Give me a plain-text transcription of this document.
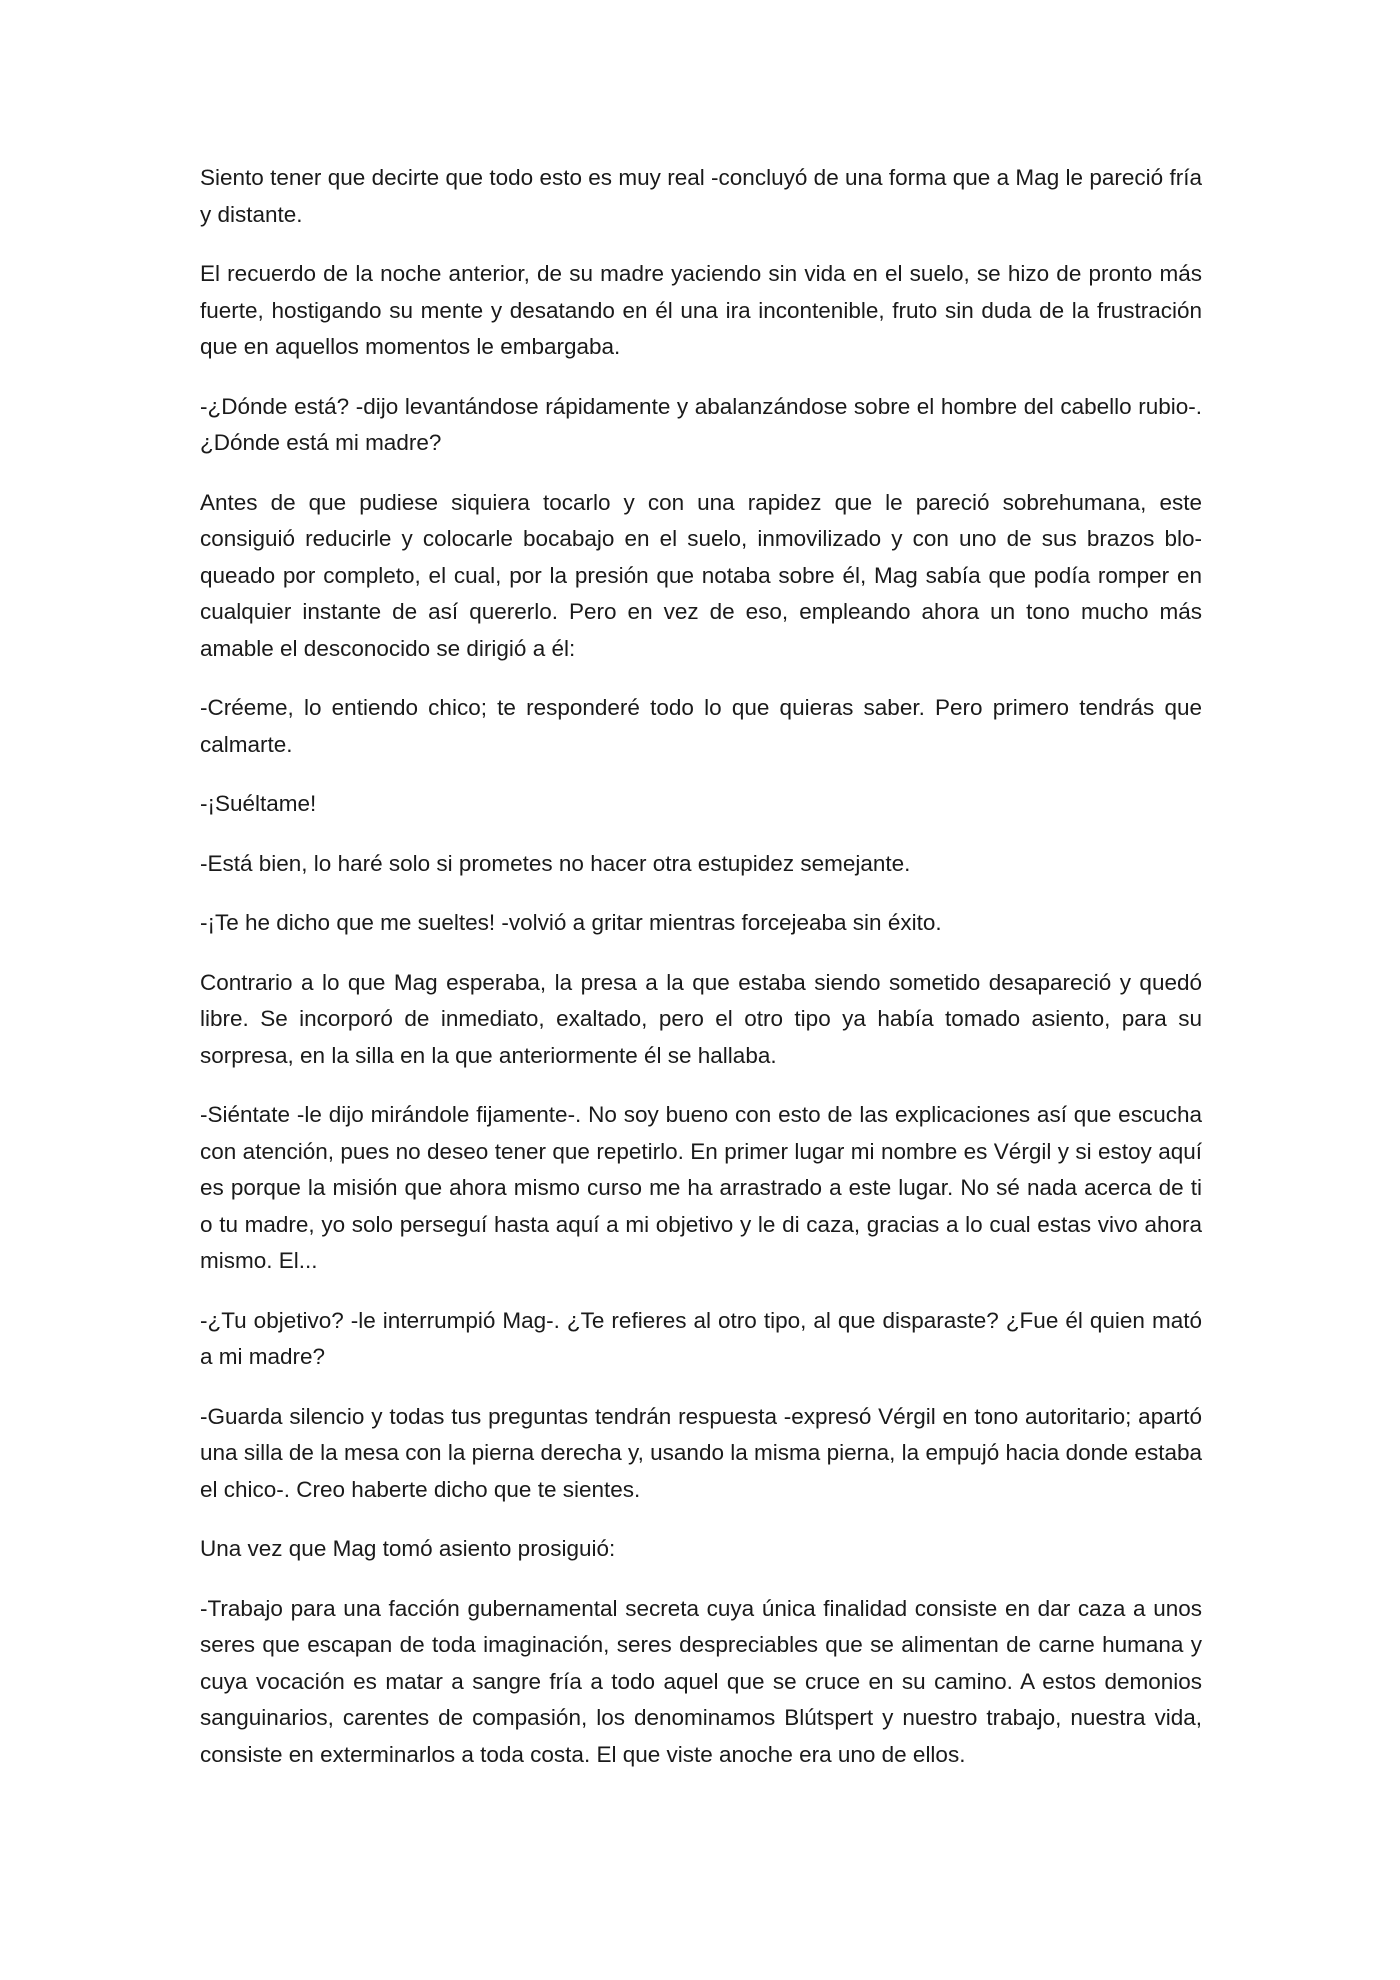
Siento tener que decirte que todo esto es muy real -concluyó de una forma que a Mag le pareció fría y distante.

El recuerdo de la noche anterior, de su madre yaciendo sin vida en el suelo, se hizo de pronto más fuerte, hostigando su mente y desatando en él una ira incontenible, fruto sin duda de la frustración que en aquellos momentos le embargaba.

-¿Dónde está? -dijo levantándose rápidamente y abalanzándose sobre el hombre del cabello rubio-. ¿Dónde está mi madre?

Antes de que pudiese siquiera tocarlo y con una rapidez que le pareció sobrehumana, este consiguió reducirle y colocarle bocabajo en el suelo, inmovilizado y con uno de sus brazos bloqueado por completo, el cual, por la presión que notaba sobre él, Mag sabía que podía romper en cualquier instante de así quererlo. Pero en vez de eso, empleando ahora un tono mucho más amable el desconocido se dirigió a él:

-Créeme, lo entiendo chico; te responderé todo lo que quieras saber. Pero primero tendrás que calmarte.

-¡Suéltame!

-Está bien, lo haré solo si prometes no hacer otra estupidez semejante.

-¡Te he dicho que me sueltes! -volvió a gritar mientras forcejeaba sin éxito.

Contrario a lo que Mag esperaba, la presa a la que estaba siendo sometido desapareció y quedó libre. Se incorporó de inmediato, exaltado, pero el otro tipo ya había tomado asiento, para su sorpresa, en la silla en la que anteriormente él se hallaba.

-Siéntate -le dijo mirándole fijamente-. No soy bueno con esto de las explicaciones así que escucha con atención, pues no deseo tener que repetirlo. En primer lugar mi nombre es Vérgil y si estoy aquí es porque la misión que ahora mismo curso me ha arrastrado a este lugar. No sé nada acerca de ti o tu madre, yo solo perseguí hasta aquí a mi objetivo y le di caza, gracias a lo cual estas vivo ahora mismo. El...

-¿Tu objetivo? -le interrumpió Mag-. ¿Te refieres al otro tipo, al que disparaste? ¿Fue él quien mató a mi madre?

-Guarda silencio y todas tus preguntas tendrán respuesta -expresó Vérgil en tono autoritario; apartó una silla de la mesa con la pierna derecha y, usando la misma pierna, la empujó hacia donde estaba el chico-. Creo haberte dicho que te sientes.

Una vez que Mag tomó asiento prosiguió:

-Trabajo para una facción gubernamental secreta cuya única finalidad consiste en dar caza a unos seres que escapan de toda imaginación, seres despreciables que se alimentan de carne humana y cuya vocación es matar a sangre fría a todo aquel que se cruce en su camino. A estos demonios sanguinarios, carentes de compasión, los denominamos Blútspert y nuestro trabajo, nuestra vida, consiste en exterminarlos a toda costa. El que viste anoche era uno de ellos.
